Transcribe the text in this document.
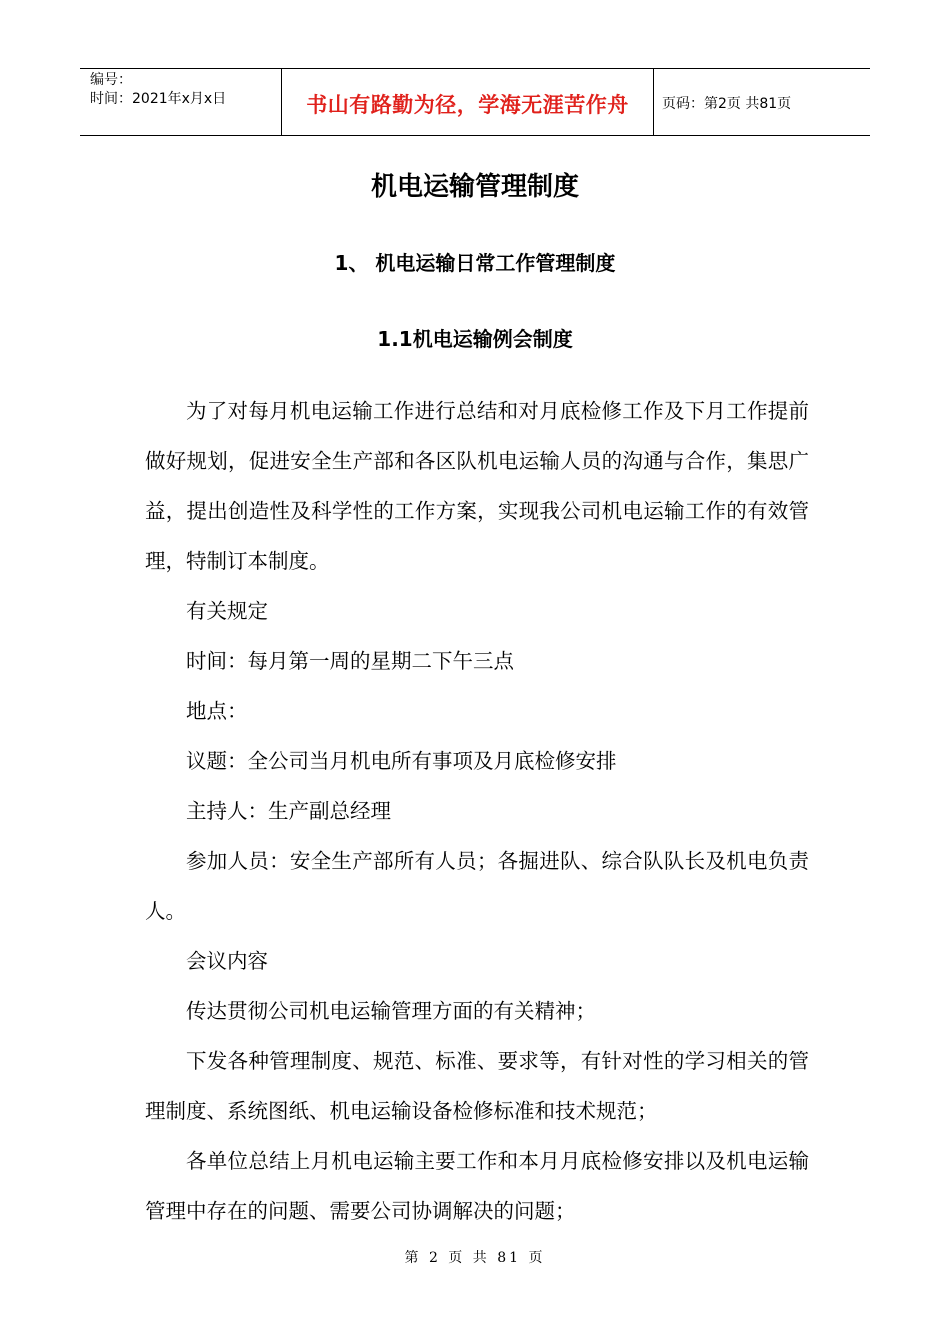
编号：
时间：2021年x月x日	书山有路勤为径，学海无涯苦作舟	页码：第2页 共81页
机电运输管理制度
1、 机电运输日常工作管理制度
1.1机电运输例会制度

为了对每月机电运输工作进行总结和对月底检修工作及下月工作提前做好规划，促进安全生产部和各区队机电运输人员的沟通与合作，集思广益，提出创造性及科学性的工作方案，实现我公司机电运输工作的有效管理，特制订本制度。

有关规定

时间：每月第一周的星期二下午三点

地点：

议题：全公司当月机电所有事项及月底检修安排

主持人：生产副总经理

参加人员：安全生产部所有人员；各掘进队、综合队队长及机电负责人。

会议内容

传达贯彻公司机电运输管理方面的有关精神；

下发各种管理制度、规范、标准、要求等，有针对性的学习相关的管理制度、系统图纸、机电运输设备检修标准和技术规范；

各单位总结上月机电运输主要工作和本月月底检修安排以及机电运输管理中存在的问题、需要公司协调解决的问题；

第 2 页 共 81 页
